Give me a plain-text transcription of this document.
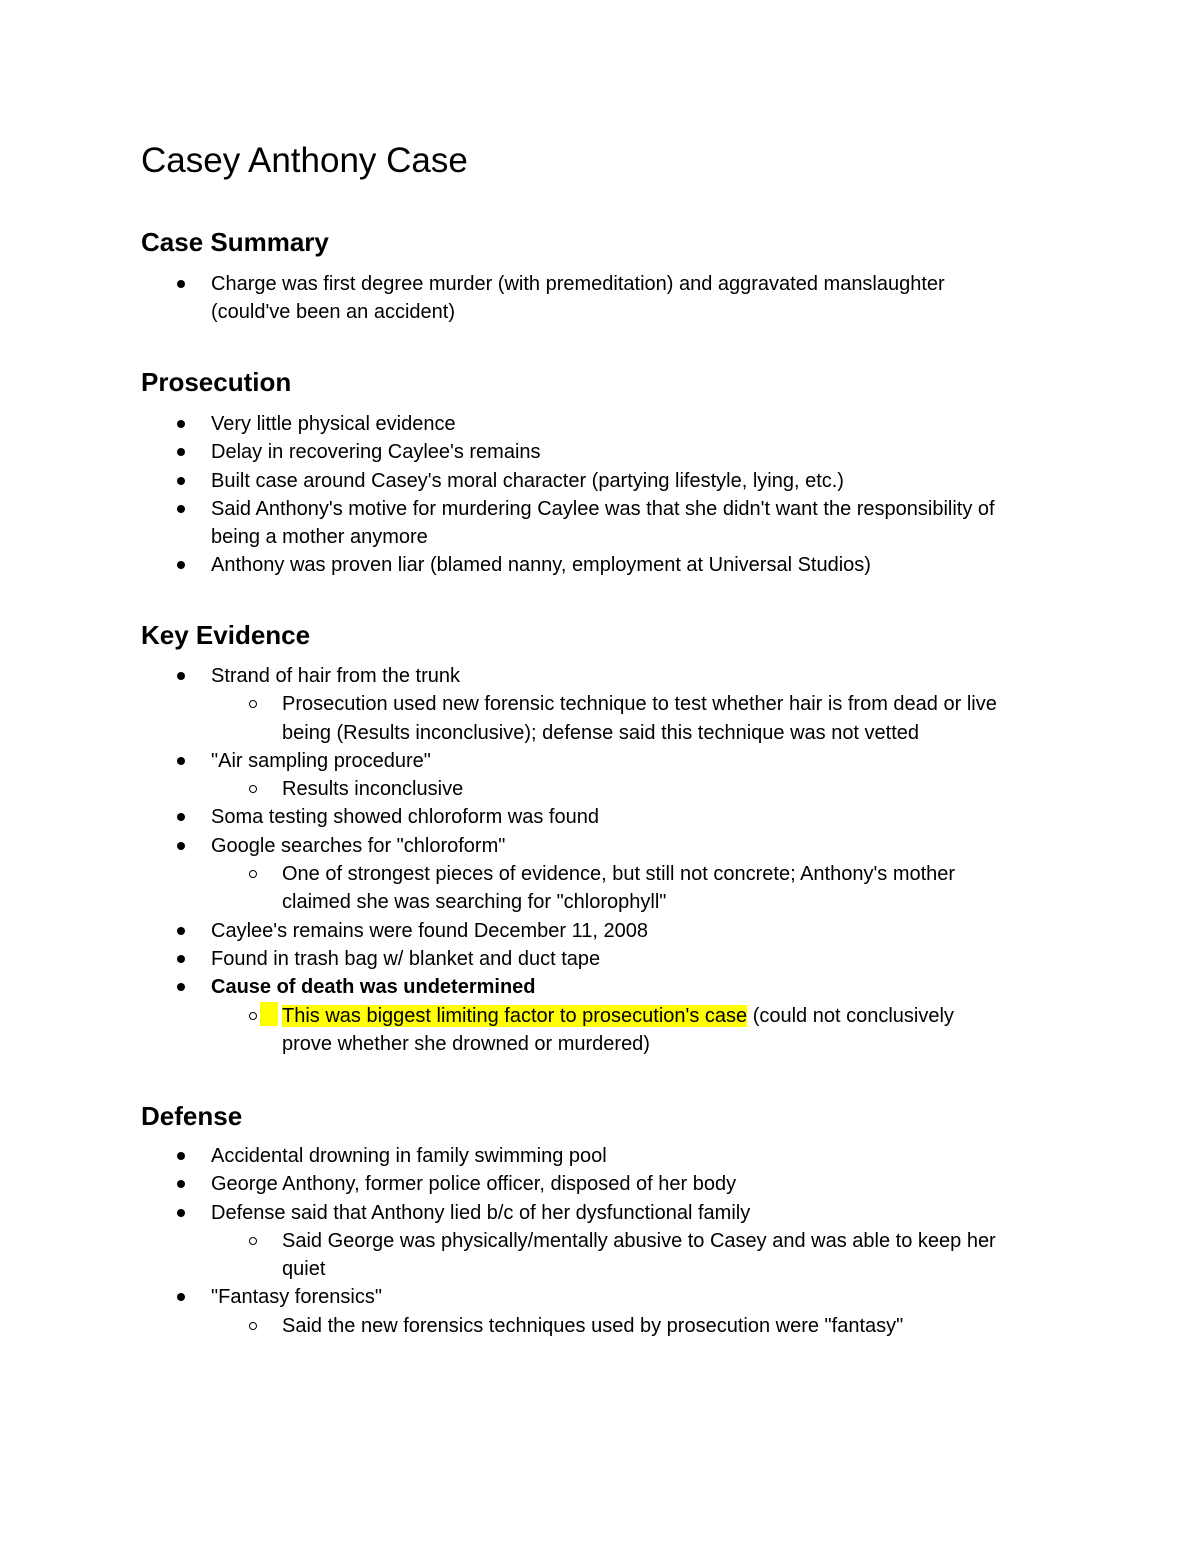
Casey Anthony Case
Case Summary
Charge was first degree murder (with premeditation) and aggravated manslaughter
(could've been an accident)
Prosecution
Very little physical evidence
Delay in recovering Caylee's remains
Built case around Casey's moral character (partying lifestyle, lying, etc.)
Said Anthony's motive for murdering Caylee was that she didn't want the responsibility of
being a mother anymore
Anthony was proven liar (blamed nanny, employment at Universal Studios)
Key Evidence
Strand of hair from the trunk
Prosecution used new forensic technique to test whether hair is from dead or live
being (Results inconclusive); defense said this technique was not vetted
"Air sampling procedure"
Results inconclusive
Soma testing showed chloroform was found
Google searches for "chloroform"
One of strongest pieces of evidence, but still not concrete; Anthony's mother
claimed she was searching for "chlorophyll"
Caylee's remains were found December 11, 2008
Found in trash bag w/ blanket and duct tape
Cause of death was undetermined
This was biggest limiting factor to prosecution's case (could not conclusively
prove whether she drowned or murdered)
Defense
Accidental drowning in family swimming pool
George Anthony, former police officer, disposed of her body
Defense said that Anthony lied b/c of her dysfunctional family
Said George was physically/mentally abusive to Casey and was able to keep her
quiet
"Fantasy forensics"
Said the new forensics techniques used by prosecution were "fantasy"
